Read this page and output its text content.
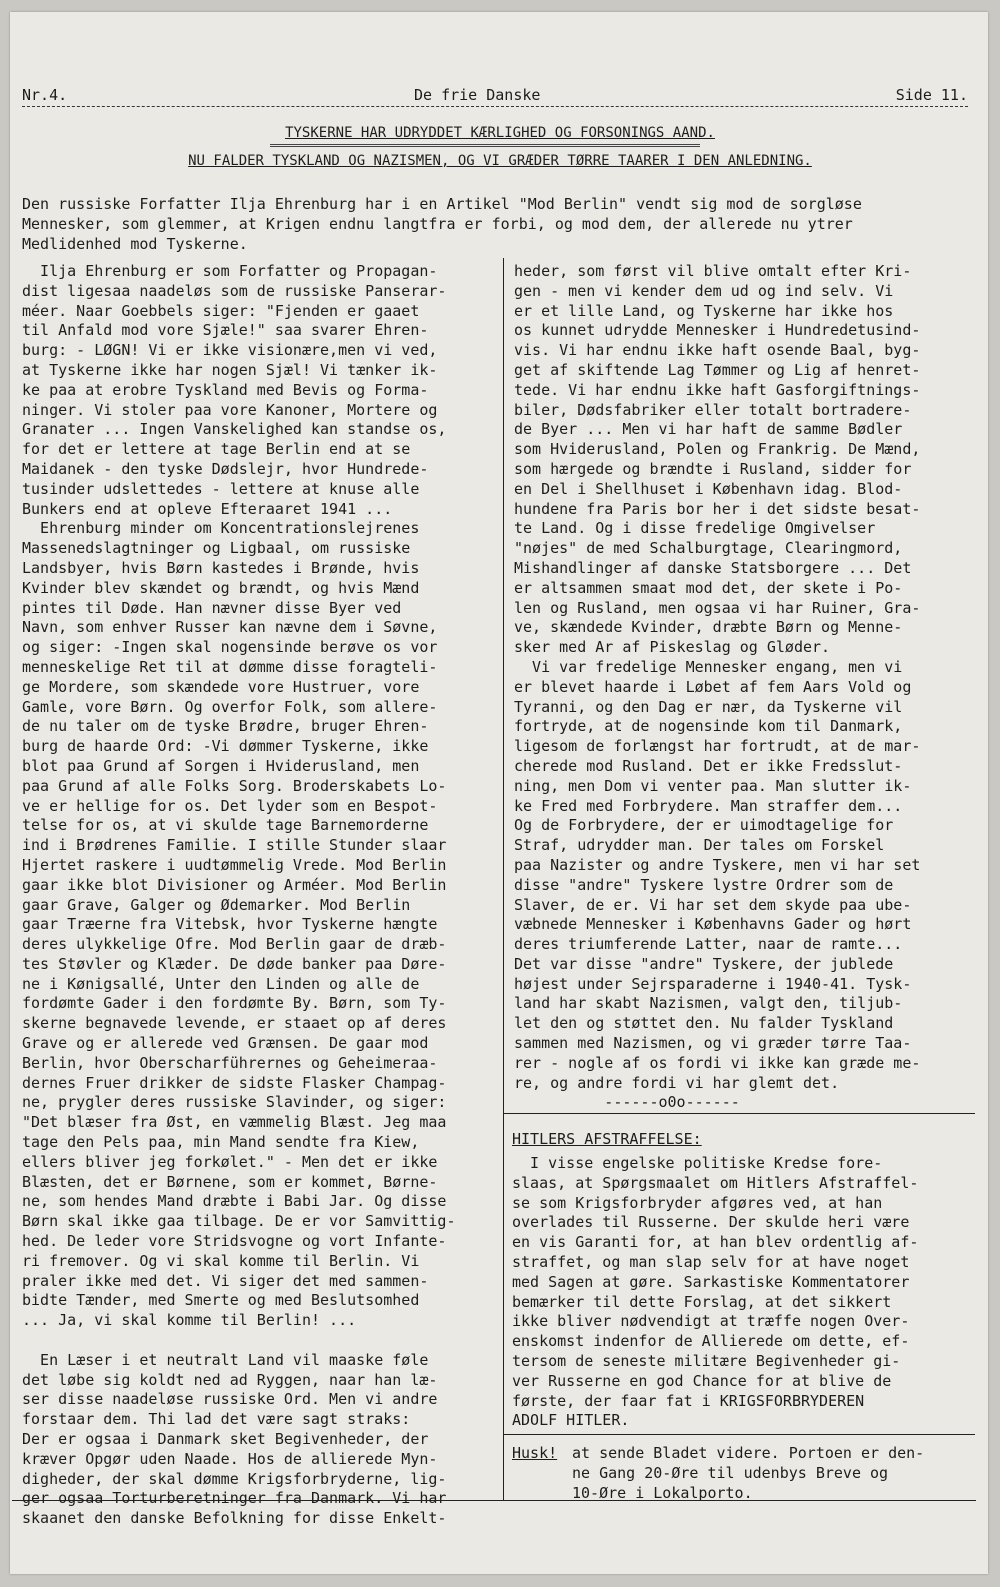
Nr.4.	De frie Danske	Side 11.
TYSKERNE HAR UDRYDDET KÆRLIGHED OG FORSONINGS AAND.
NU FALDER TYSKLAND OG NAZISMEN, OG VI GRÆDER TØRRE TAARER I DEN ANLEDNING.
Den russiske Forfatter Ilja Ehrenburg har i en Artikel "Mod Berlin" vendt sig mod de sorgløse
Mennesker, som glemmer, at Krigen endnu langtfra er forbi, og mod dem, der allerede nu ytrer
Medlidenhed mod Tyskerne.
Ilja Ehrenburg er som Forfatter og Propagan-
dist ligesaa naadeløs som de russiske Panserar-
méer. Naar Goebbels siger: "Fjenden er gaaet
til Anfald mod vore Sjæle!" saa svarer Ehren-
burg: - LØGN! Vi er ikke visionære,men vi ved,
at Tyskerne ikke har nogen Sjæl! Vi tænker ik-
ke paa at erobre Tyskland med Bevis og Forma-
ninger. Vi stoler paa vore Kanoner, Mortere og
Granater ... Ingen Vanskelighed kan standse os,
for det er lettere at tage Berlin end at se
Maidanek - den tyske Dødslejr, hvor Hundrede-
tusinder udslettedes - lettere at knuse alle
Bunkers end at opleve Efteraaret 1941 ...
Ehrenburg minder om Koncentrationslejrenes
Massenedslagtninger og Ligbaal, om russiske
Landsbyer, hvis Børn kastedes i Brønde, hvis
Kvinder blev skændet og brændt, og hvis Mænd
pintes til Døde. Han nævner disse Byer ved
Navn, som enhver Russer kan nævne dem i Søvne,
og siger: -Ingen skal nogensinde berøve os vor
menneskelige Ret til at dømme disse foragteli-
ge Mordere, som skændede vore Hustruer, vore
Gamle, vore Børn. Og overfor Folk, som allere-
de nu taler om de tyske Brødre, bruger Ehren-
burg de haarde Ord: -Vi dømmer Tyskerne, ikke
blot paa Grund af Sorgen i Hviderusland, men
paa Grund af alle Folks Sorg. Broderskabets Lo-
ve er hellige for os. Det lyder som en Bespot-
telse for os, at vi skulde tage Barnemorderne
ind i Brødrenes Familie. I stille Stunder slaar
Hjertet raskere i uudtømmelig Vrede. Mod Berlin
gaar ikke blot Divisioner og Arméer. Mod Berlin
gaar Grave, Galger og Ødemarker. Mod Berlin
gaar Træerne fra Vitebsk, hvor Tyskerne hængte
deres ulykkelige Ofre. Mod Berlin gaar de dræb-
tes Støvler og Klæder. De døde banker paa Døre-
ne i Kønigsallé, Unter den Linden og alle de
fordømte Gader i den fordømte By. Børn, som Ty-
skerne begnavede levende, er staaet op af deres
Grave og er allerede ved Grænsen. De gaar mod
Berlin, hvor Oberscharführernes og Geheimeraa-
dernes Fruer drikker de sidste Flasker Champag-
ne, prygler deres russiske Slavinder, og siger:
"Det blæser fra Øst, en væmmelig Blæst. Jeg maa
tage den Pels paa, min Mand sendte fra Kiew,
ellers bliver jeg forkølet." - Men det er ikke
Blæsten, det er Børnene, som er kommet, Børne-
ne, som hendes Mand dræbte i Babi Jar. Og disse
Børn skal ikke gaa tilbage. De er vor Samvittig-
hed. De leder vore Stridsvogne og vort Infante-
ri fremover. Og vi skal komme til Berlin. Vi
praler ikke med det. Vi siger det med sammen-
bidte Tænder, med Smerte og med Beslutsomhed
... Ja, vi skal komme til Berlin! ...

En Læser i et neutralt Land vil maaske føle
det løbe sig koldt ned ad Ryggen, naar han læ-
ser disse naadeløse russiske Ord. Men vi andre
forstaar dem. Thi lad det være sagt straks:
Der er ogsaa i Danmark sket Begivenheder, der
kræver Opgør uden Naade. Hos de allierede Myn-
digheder, der skal dømme Krigsforbryderne, lig-
ger ogsaa Torturberetninger fra Danmark. Vi har
skaanet den danske Befolkning for disse Enkelt-
heder, som først vil blive omtalt efter Kri-
gen - men vi kender dem ud og ind selv. Vi
er et lille Land, og Tyskerne har ikke hos
os kunnet udrydde Mennesker i Hundredetusind-
vis. Vi har endnu ikke haft osende Baal, byg-
get af skiftende Lag Tømmer og Lig af henret-
tede. Vi har endnu ikke haft Gasforgiftnings-
biler, Dødsfabriker eller totalt bortradere-
de Byer ... Men vi har haft de samme Bødler
som Hviderusland, Polen og Frankrig. De Mænd,
som hærgede og brændte i Rusland, sidder for
en Del i Shellhuset i København idag. Blod-
hundene fra Paris bor her i det sidste besat-
te Land. Og i disse fredelige Omgivelser
"nøjes" de med Schalburgtage, Clearingmord,
Mishandlinger af danske Statsborgere ... Det
er altsammen smaat mod det, der skete i Po-
len og Rusland, men ogsaa vi har Ruiner, Gra-
ve, skændede Kvinder, dræbte Børn og Menne-
sker med Ar af Piskeslag og Gløder.
Vi var fredelige Mennesker engang, men vi
er blevet haarde i Løbet af fem Aars Vold og
Tyranni, og den Dag er nær, da Tyskerne vil
fortryde, at de nogensinde kom til Danmark,
ligesom de forlængst har fortrudt, at de mar-
cherede mod Rusland. Det er ikke Fredsslut-
ning, men Dom vi venter paa. Man slutter ik-
ke Fred med Forbrydere. Man straffer dem...
Og de Forbrydere, der er uimodtagelige for
Straf, udrydder man. Der tales om Forskel
paa Nazister og andre Tyskere, men vi har set
disse "andre" Tyskere lystre Ordrer som de
Slaver, de er. Vi har set dem skyde paa ube-
væbnede Mennesker i Københavns Gader og hørt
deres triumferende Latter, naar de ramte...
Det var disse "andre" Tyskere, der jublede
højest under Sejrsparaderne i 1940-41. Tysk-
land har skabt Nazismen, valgt den, tiljub-
let den og støttet den. Nu falder Tyskland
sammen med Nazismen, og vi græder tørre Taa-
rer - nogle af os fordi vi ikke kan græde me-
re, og andre fordi vi har glemt det.
------o0o------
HITLERS AFSTRAFFELSE:
I visse engelske politiske Kredse fore-
slaas, at Spørgsmaalet om Hitlers Afstraffel-
se som Krigsforbryder afgøres ved, at han
overlades til Russerne. Der skulde heri være
en vis Garanti for, at han blev ordentlig af-
straffet, og man slap selv for at have noget
med Sagen at gøre. Sarkastiske Kommentatorer
bemærker til dette Forslag, at det sikkert
ikke bliver nødvendigt at træffe nogen Over-
enskomst indenfor de Allierede om dette, ef-
tersom de seneste militære Begivenheder gi-
ver Russerne en god Chance for at blive de
første, der faar fat i KRIGSFORBRYDEREN
ADOLF HITLER.
Husk! at sende Bladet videre. Portoen er den-
ne Gang 20-Øre til udenbys Breve og
10-Øre i Lokalporto.
